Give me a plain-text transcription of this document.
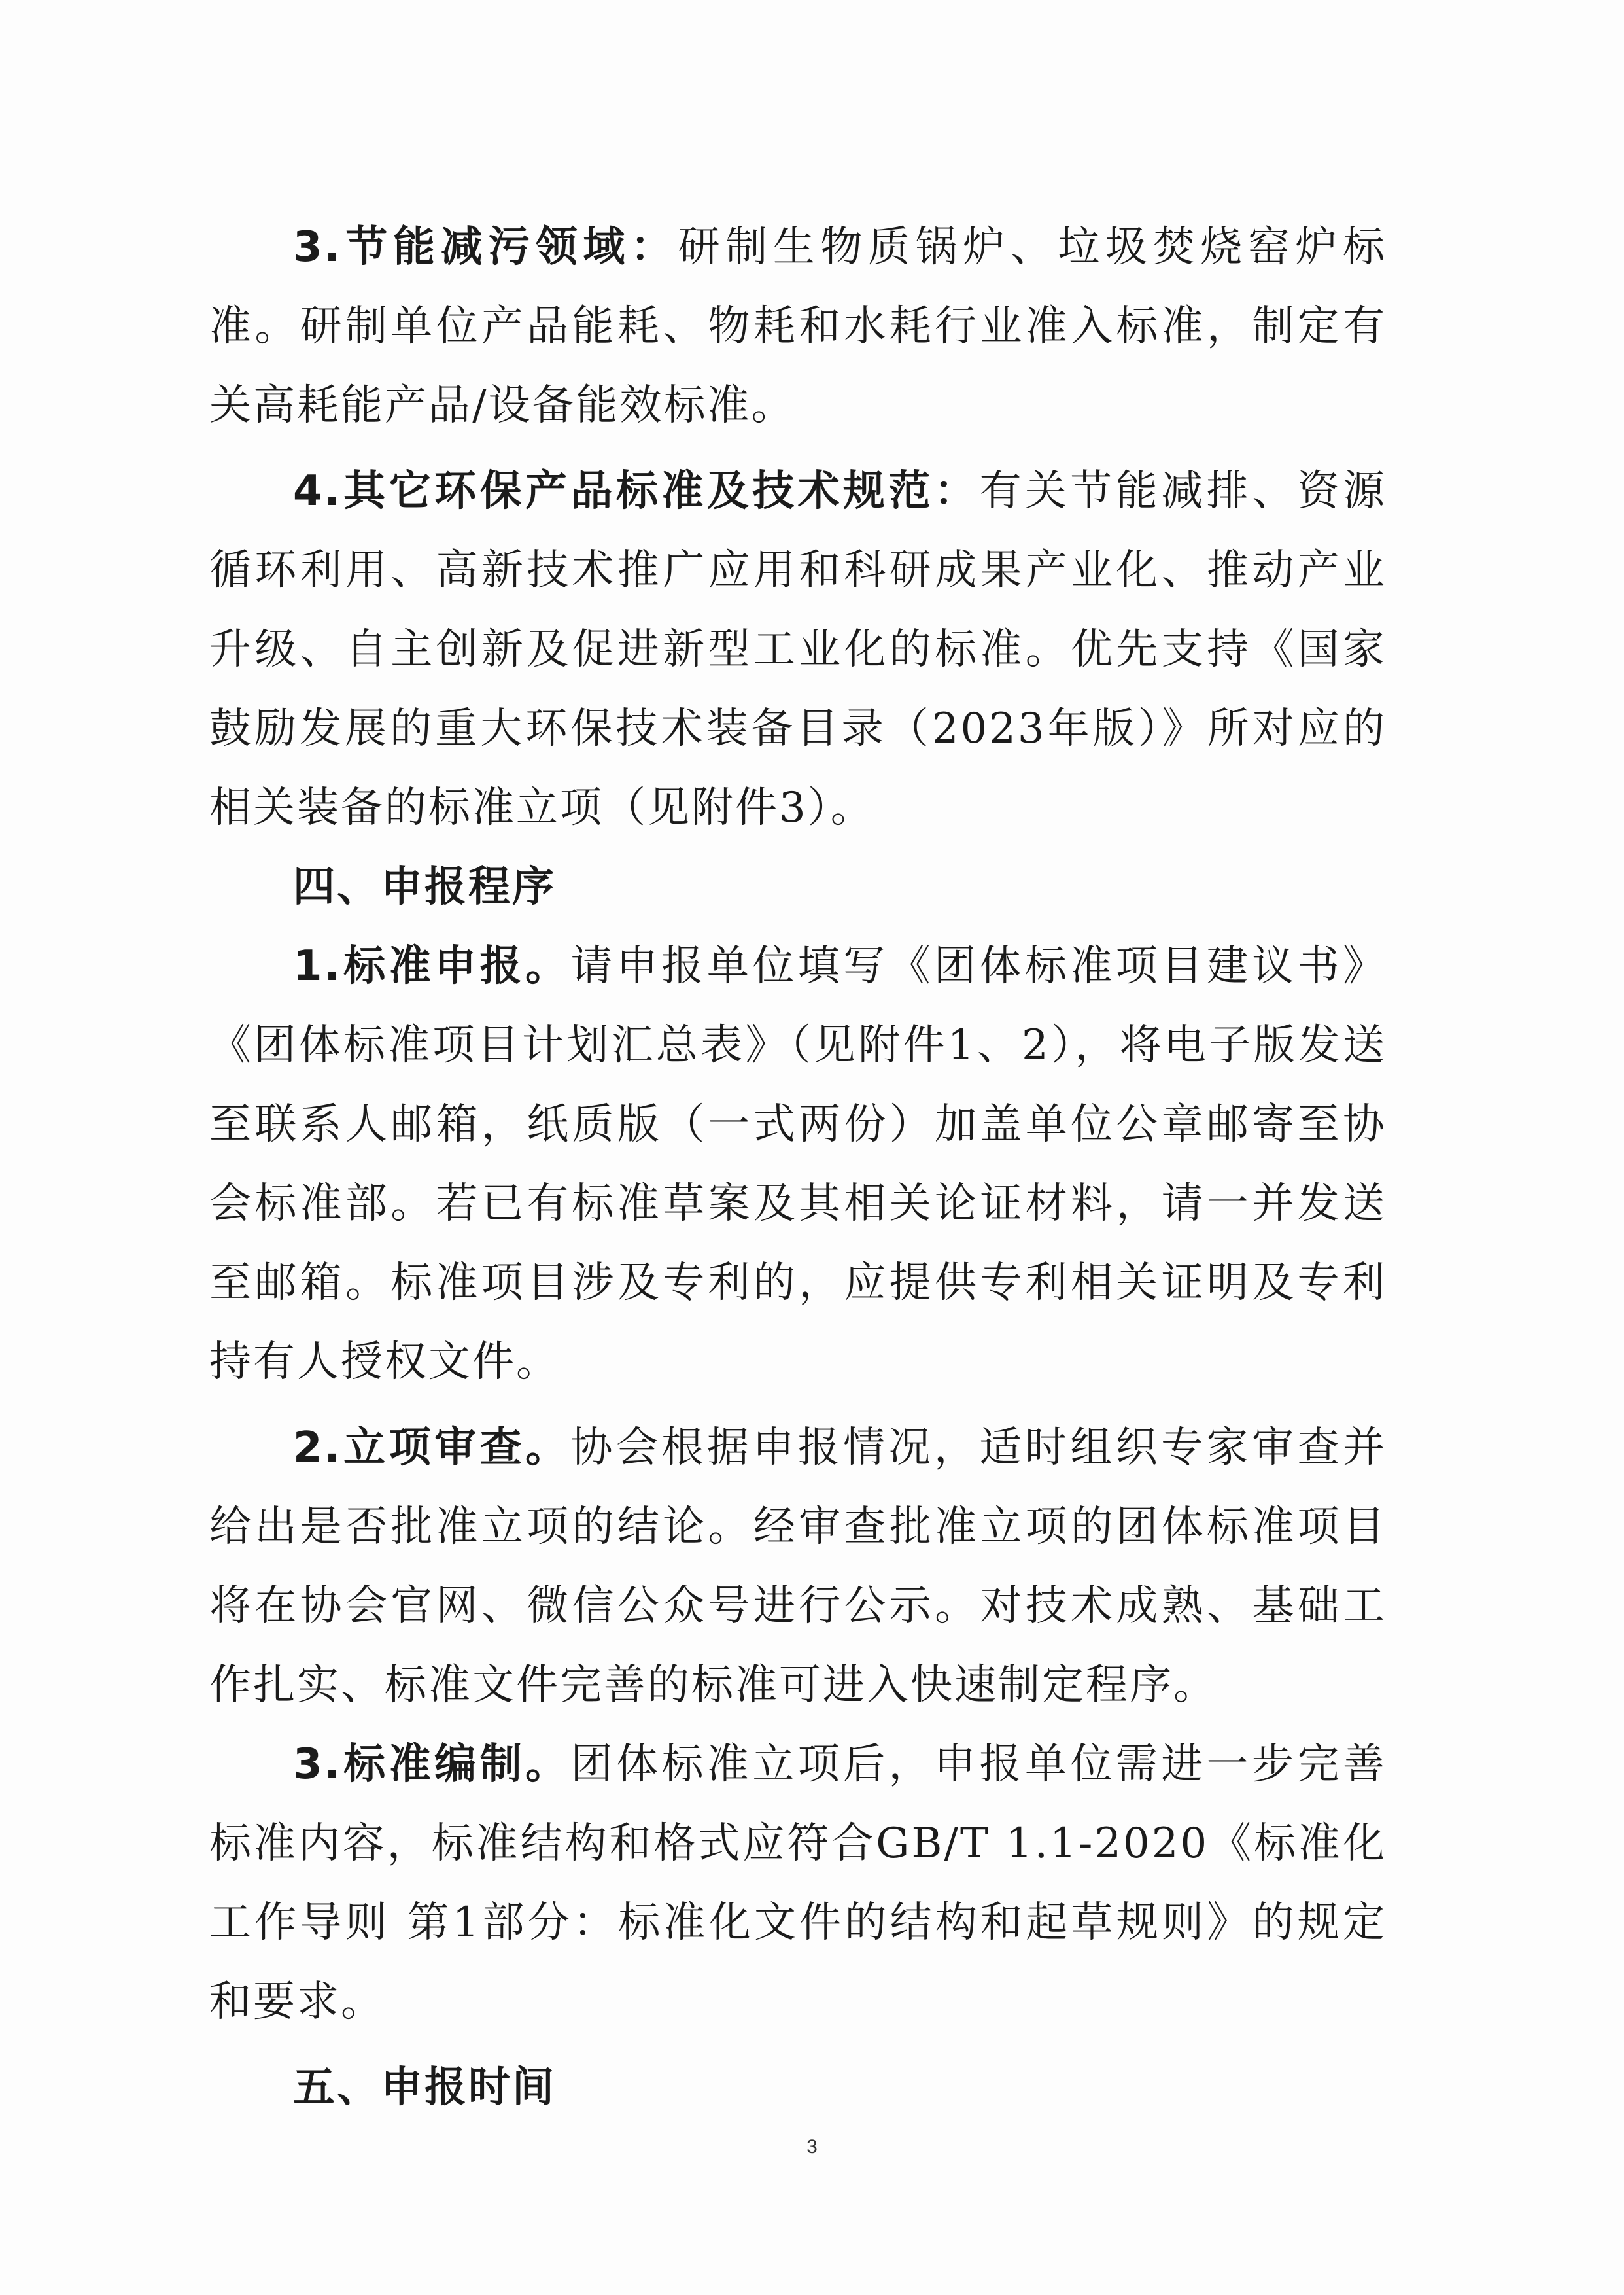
3.节能减污领域：研制生物质锅炉、垃圾焚烧窑炉标准。研制单位产品能耗、物耗和水耗行业准入标准，制定有关高耗能产品/设备能效标准。

4.其它环保产品标准及技术规范：有关节能减排、资源循环利用、高新技术推广应用和科研成果产业化、推动产业升级、自主创新及促进新型工业化的标准。优先支持《国家鼓励发展的重大环保技术装备目录（2023年版）》所对应的相关装备的标准立项（见附件3）。

四、申报程序

1.标准申报。请申报单位填写《团体标准项目建议书》《团体标准项目计划汇总表》（见附件1、2），将电子版发送至联系人邮箱，纸质版（一式两份）加盖单位公章邮寄至协会标准部。若已有标准草案及其相关论证材料，请一并发送至邮箱。标准项目涉及专利的，应提供专利相关证明及专利持有人授权文件。

2.立项审查。协会根据申报情况，适时组织专家审查并给出是否批准立项的结论。经审查批准立项的团体标准项目将在协会官网、微信公众号进行公示。对技术成熟、基础工作扎实、标准文件完善的标准可进入快速制定程序。

3.标准编制。团体标准立项后，申报单位需进一步完善标准内容，标准结构和格式应符合GB/T 1.1-2020《标准化工作导则 第1部分：标准化文件的结构和起草规则》的规定和要求。

五、申报时间

3
